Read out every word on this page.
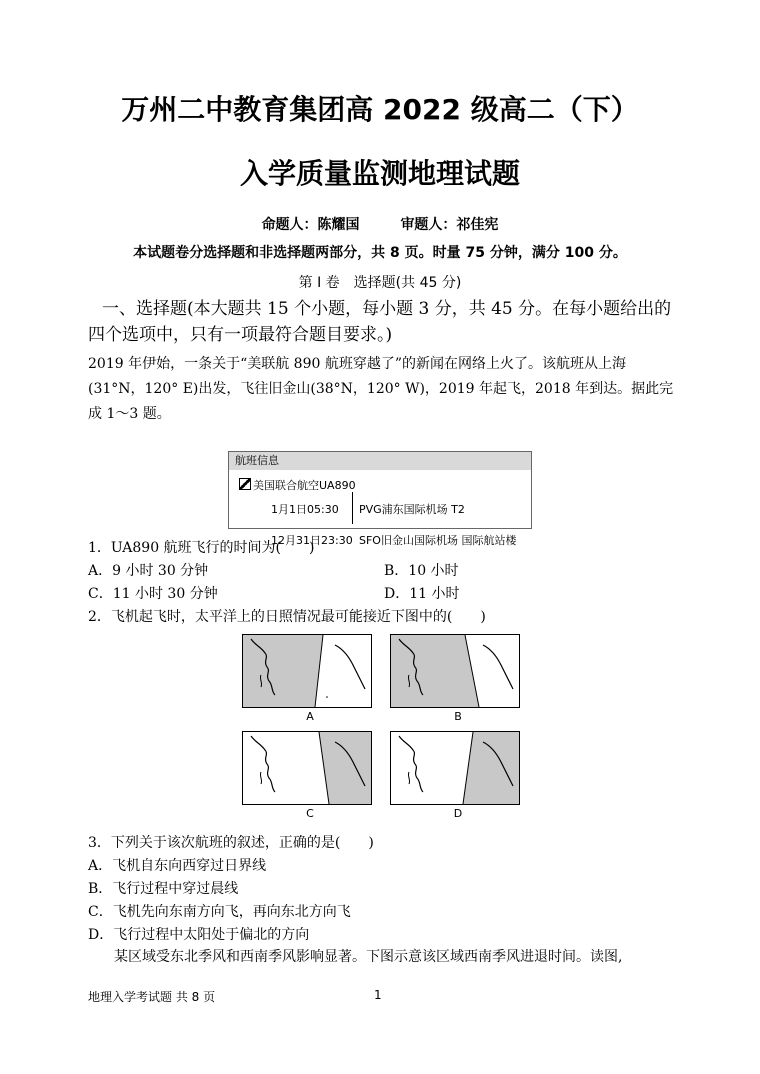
万州二中教育集团高 2022 级高二（下）
入学质量监测地理试题
命题人：陈耀国	审题人：祁佳宪
本试题卷分选择题和非选择题两部分，共 8 页。时量 75 分钟，满分 100 分。
第 Ⅰ 卷　选择题(共 45 分)
一、选择题(本大题共 15 个小题，每小题 3 分，共 45 分。在每小题给出的
四个选项中，只有一项最符合题目要求。)
2019 年伊始，一条关于“美联航 890 航班穿越了”的新闻在网络上火了。该航班从上海
(31°N，120° E)出发，飞往旧金山(38°N，120° W)，2019 年起飞，2018 年到达。据此完
成 1～3 题。
航班信息
美国联合航空UA890
1月1日05:30 PVG浦东国际机场 T2
12月31日23:30 SFO旧金山国际机场 国际航站楼
1．UA890 航班飞行的时间为(　　)
A．9 小时 30 分钟	B．10 小时
C．11 小时 30 分钟	D．11 小时
2．飞机起飞时，太平洋上的日照情况最可能接近下图中的(　　)
A	B
C	D
3．下列关于该次航班的叙述，正确的是(　　)
A．飞机自东向西穿过日界线
B．飞行过程中穿过晨线
C．飞机先向东南方向飞，再向东北方向飞
D．飞行过程中太阳处于偏北的方向
某区域受东北季风和西南季风影响显著。下图示意该区域西南季风进退时间。读图,
地理入学考试题 共 8 页	1
